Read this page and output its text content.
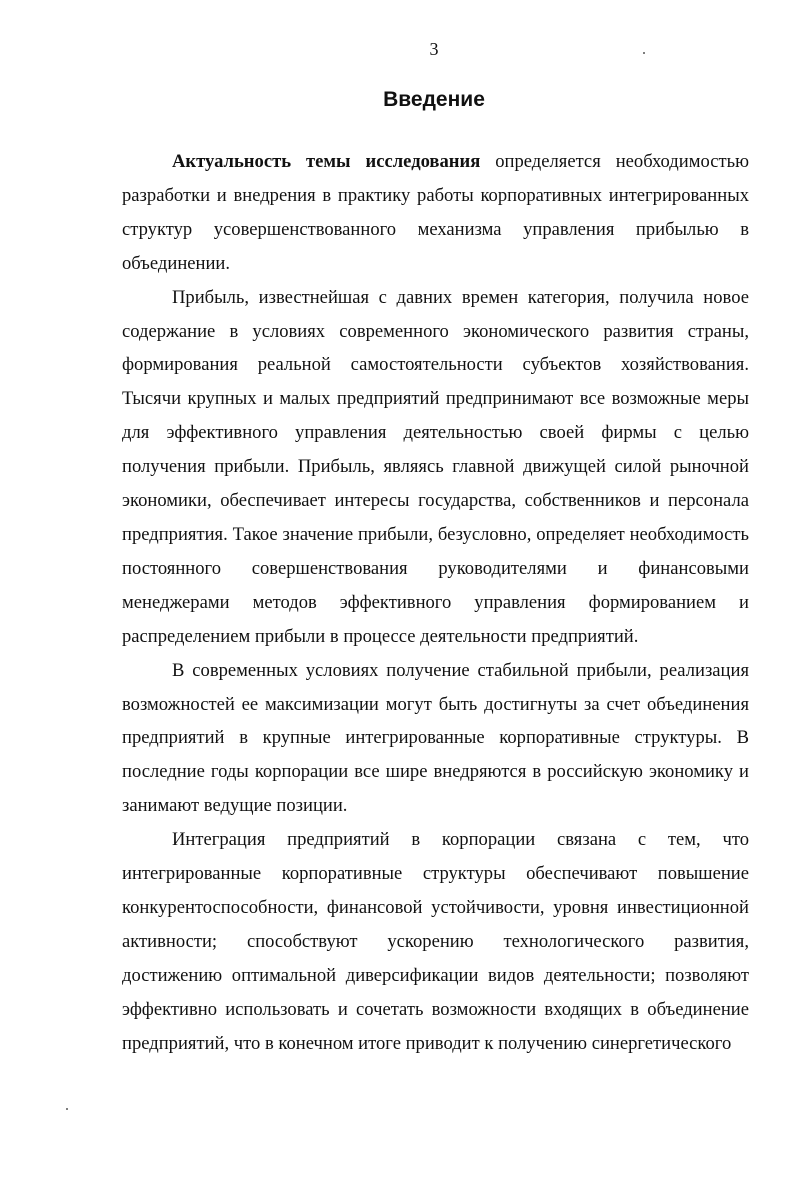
3
Введение

Актуальность темы исследования определяется необходимостью разработки и внедрения в практику работы корпоративных интегрированных структур усовершенствованного механизма управления прибылью в объединении.

Прибыль, известнейшая с давних времен категория, получила новое содержание в условиях современного экономического развития страны, формирования реальной самостоятельности субъектов хозяйствования. Тысячи крупных и малых предприятий предпринимают все возможные меры для эффективного управления деятельностью своей фирмы с целью получения прибыли. Прибыль, являясь главной движущей силой рыночной экономики, обеспечивает интересы государства, собственников и персонала предприятия. Такое значение прибыли, безусловно, определяет необходимость постоянного совершенствования руководителями и финансовыми менеджерами методов эффективного управления формированием и распределением прибыли в процессе деятельности предприятий.

В современных условиях получение стабильной прибыли, реализация возможностей ее максимизации могут быть достигнуты за счет объединения предприятий в крупные интегрированные корпоративные структуры. В последние годы корпорации все шире внедряются в российскую экономику и занимают ведущие позиции.

Интеграция предприятий в корпорации связана с тем, что интегрированные корпоративные структуры обеспечивают повышение конкурентоспособности, финансовой устойчивости, уровня инвестиционной активности; способствуют ускорению технологического развития, достижению оптимальной диверсификации видов деятельности; позволяют эффективно использовать и сочетать возможности входящих в объединение предприятий, что в конечном итоге приводит к получению синергетического
